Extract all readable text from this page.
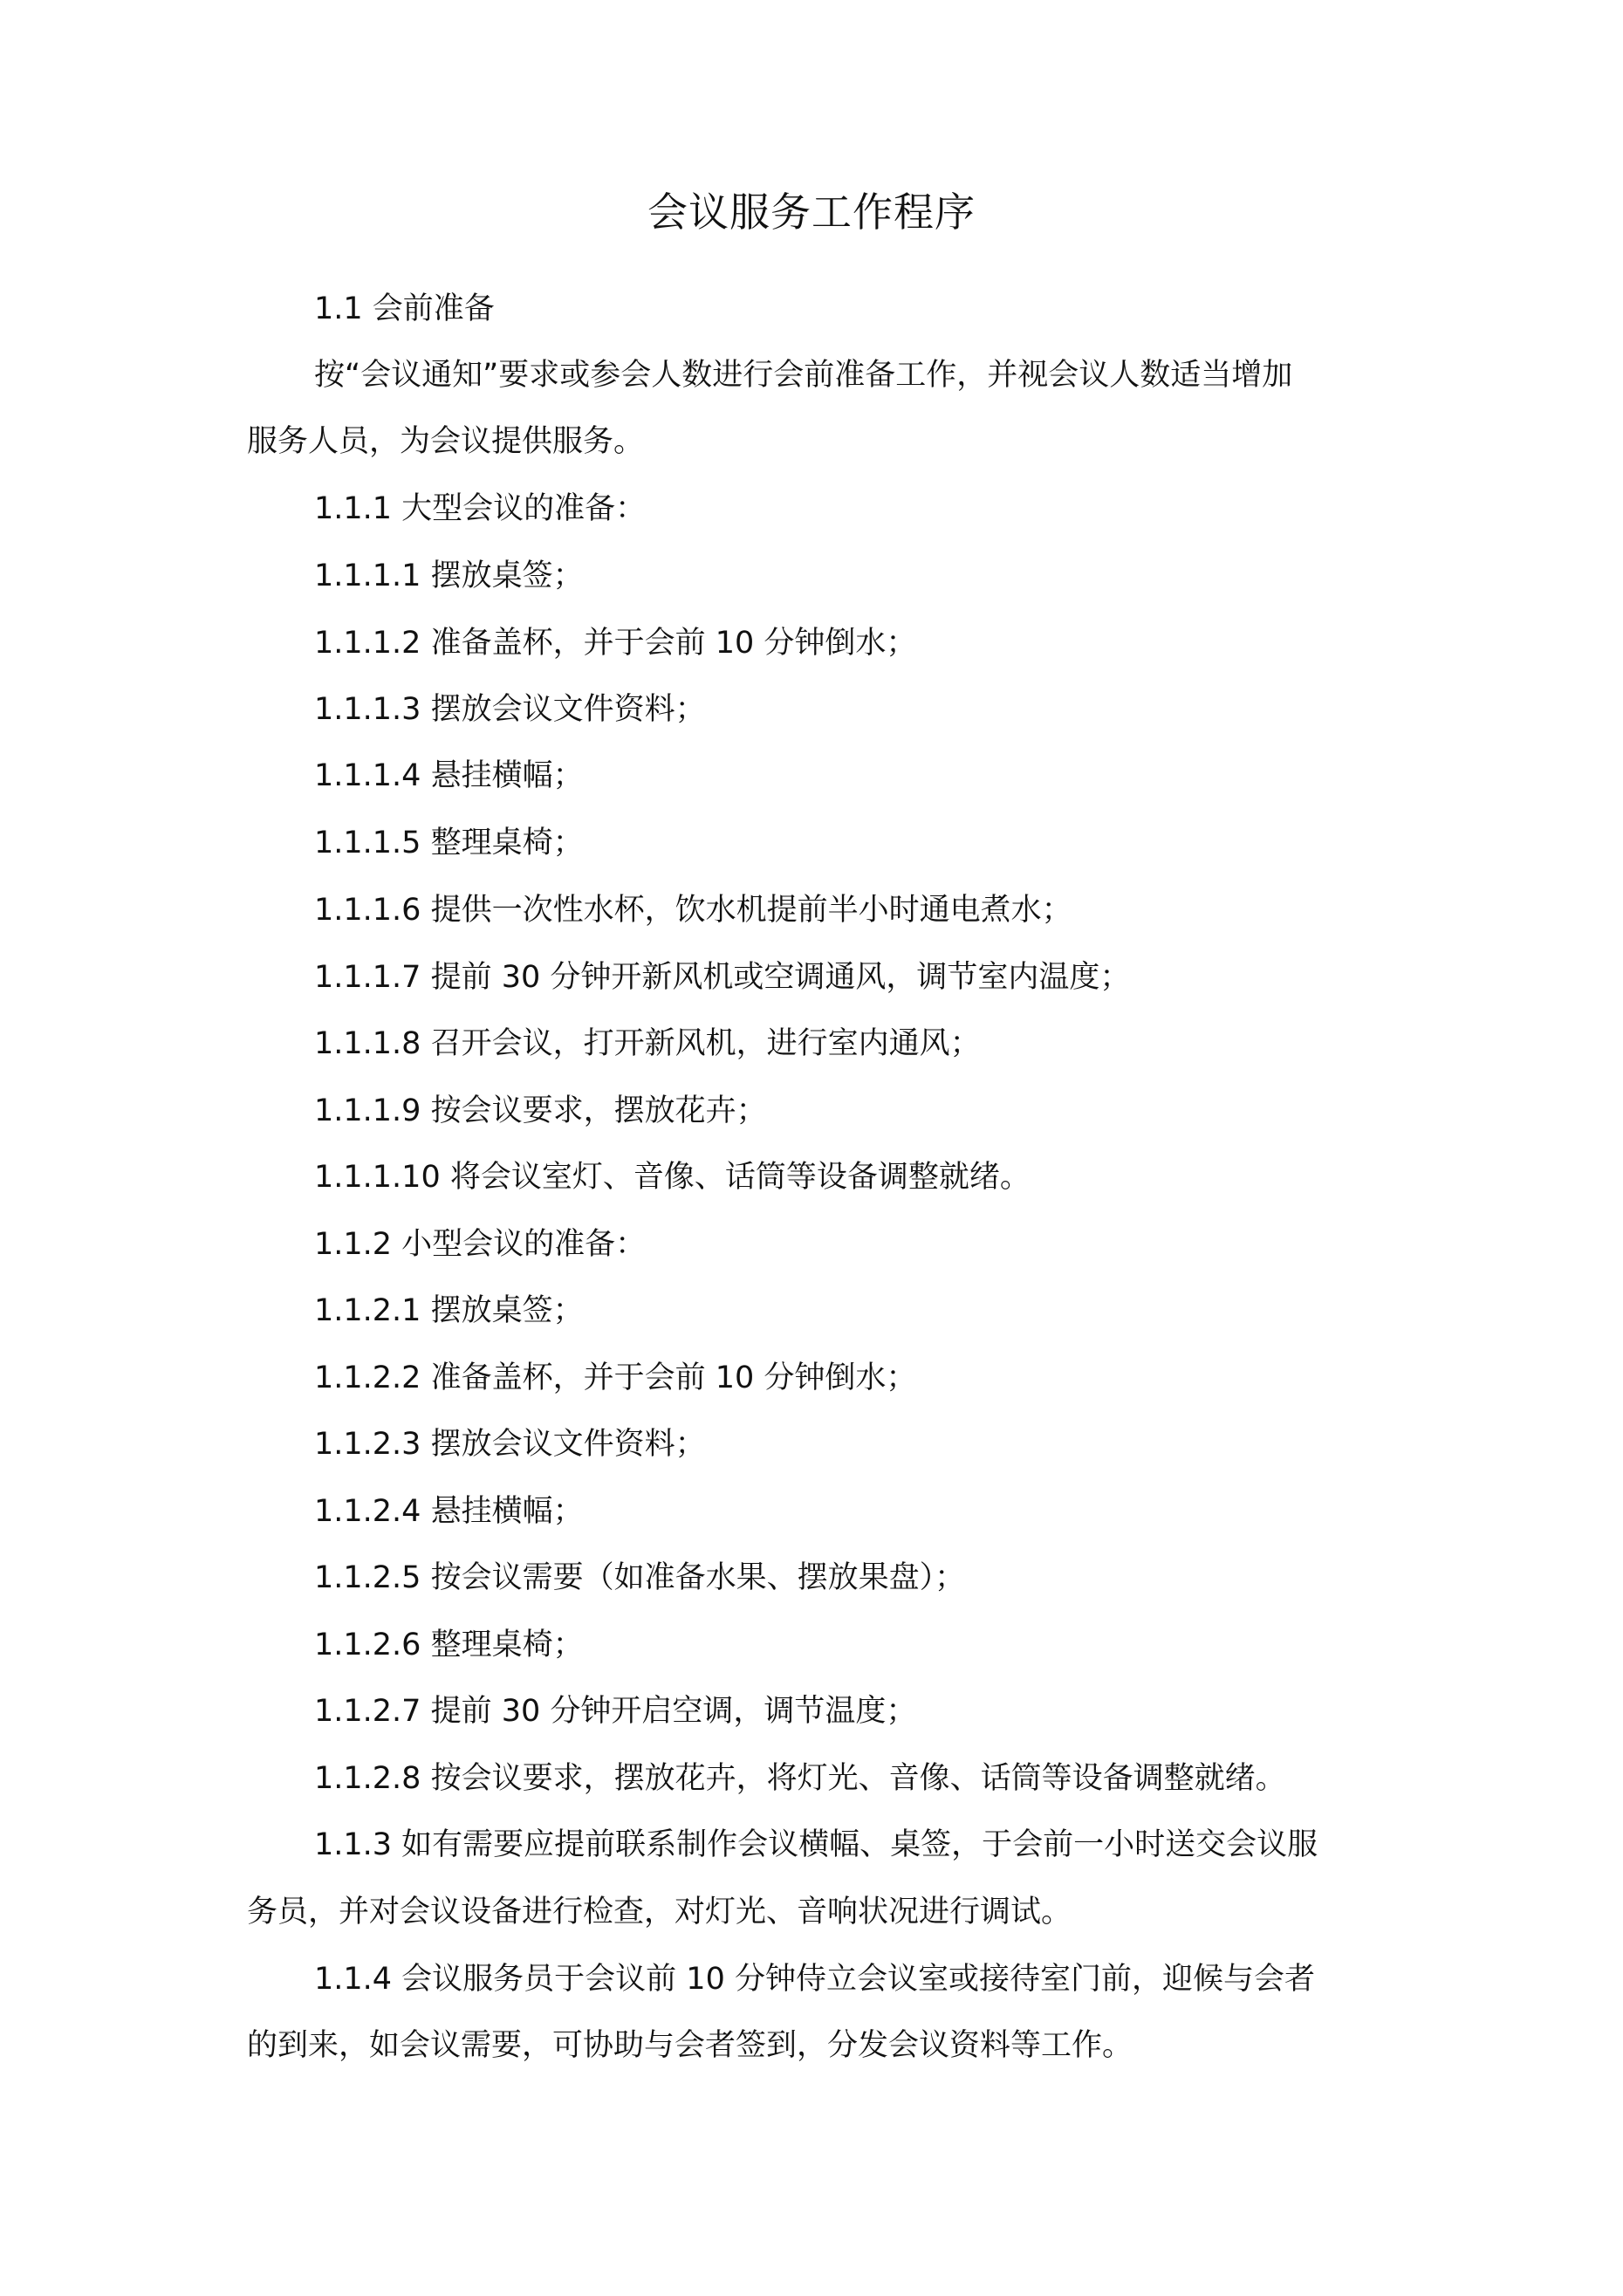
会议服务工作程序
1.1 会前准备
按“会议通知”要求或参会人数进行会前准备工作，并视会议人数适当增加
服务人员，为会议提供服务。
1.1.1 大型会议的准备：
1.1.1.1 摆放桌签；
1.1.1.2 准备盖杯，并于会前 10 分钟倒水；
1.1.1.3 摆放会议文件资料；
1.1.1.4 悬挂横幅；
1.1.1.5 整理桌椅；
1.1.1.6 提供一次性水杯，饮水机提前半小时通电煮水；
1.1.1.7 提前 30 分钟开新风机或空调通风，调节室内温度；
1.1.1.8 召开会议，打开新风机，进行室内通风；
1.1.1.9 按会议要求，摆放花卉；
1.1.1.10 将会议室灯、音像、话筒等设备调整就绪。
1.1.2 小型会议的准备：
1.1.2.1 摆放桌签；
1.1.2.2 准备盖杯，并于会前 10 分钟倒水；
1.1.2.3 摆放会议文件资料；
1.1.2.4 悬挂横幅；
1.1.2.5 按会议需要（如准备水果、摆放果盘）；
1.1.2.6 整理桌椅；
1.1.2.7 提前 30 分钟开启空调，调节温度；
1.1.2.8 按会议要求，摆放花卉，将灯光、音像、话筒等设备调整就绪。
1.1.3 如有需要应提前联系制作会议横幅、桌签，于会前一小时送交会议服
务员，并对会议设备进行检查，对灯光、音响状况进行调试。
1.1.4 会议服务员于会议前 10 分钟侍立会议室或接待室门前，迎候与会者
的到来，如会议需要，可协助与会者签到，分发会议资料等工作。
